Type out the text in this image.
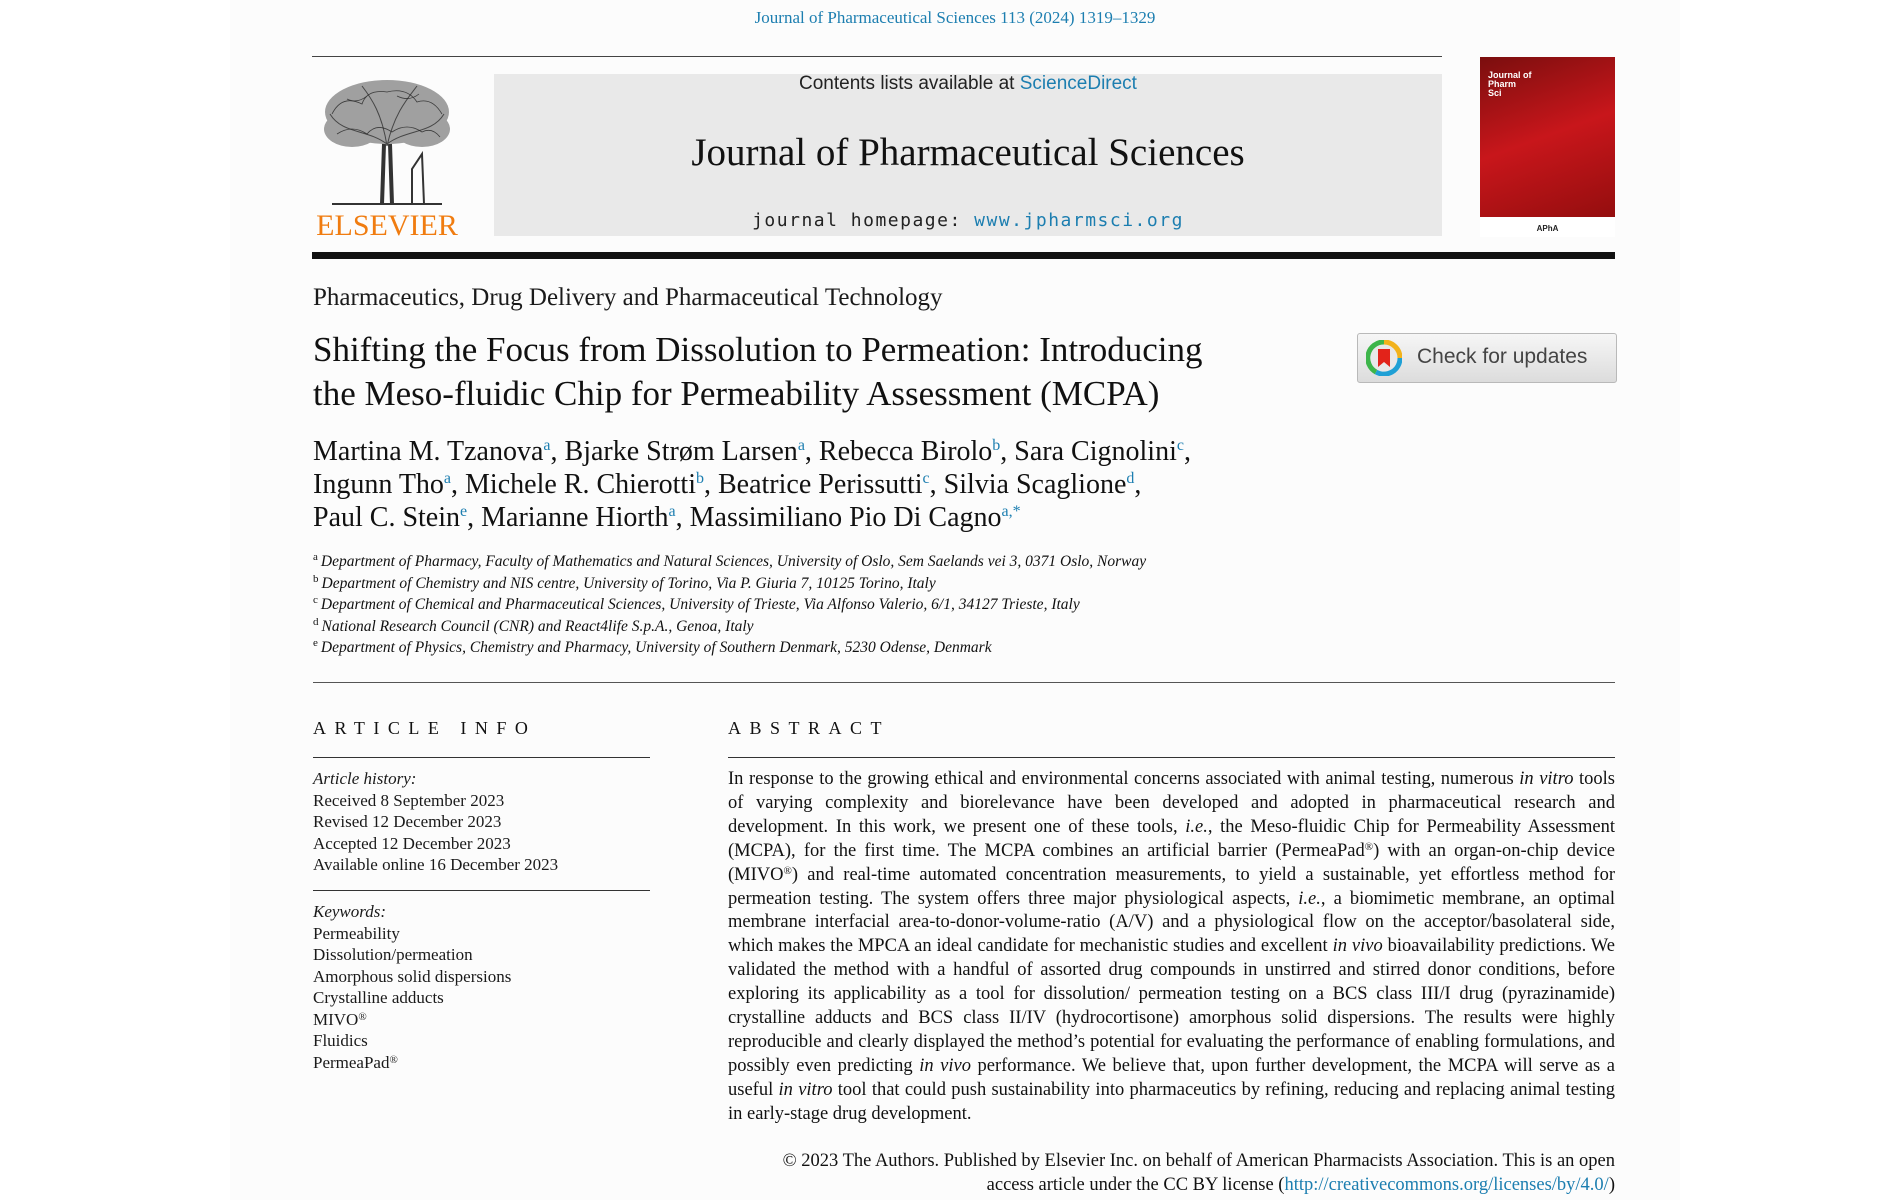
Journal of Pharmaceutical Sciences 113 (2024) 1319–1329
ELSEVIER
Contents lists available at ScienceDirect
Journal of Pharmaceutical Sciences
journal homepage: www.jpharmsci.org
Journal of
Pharm
Sci
APhA
Pharmaceutics, Drug Delivery and Pharmaceutical Technology
Shifting the Focus from Dissolution to Permeation: Introducing
the Meso-fluidic Chip for Permeability Assessment (MCPA)
Check for updates
Martina M. Tzanova$^a$, Bjarke Strøm Larsen$^a$, Rebecca Birolo$^b$, Sara Cignolini$^c$,
Ingunn Tho$^a$, Michele R. Chierotti$^b$, Beatrice Perissutti$^c$, Silvia Scaglione$^d$,
Paul C. Stein$^e$, Marianne Hiorth$^a$, Massimiliano Pio Di Cagno$^{a,*}$
$^a$ Department of Pharmacy, Faculty of Mathematics and Natural Sciences, University of Oslo, Sem Saelands vei 3, 0371 Oslo, Norway
$^b$ Department of Chemistry and NIS centre, University of Torino, Via P. Giuria 7, 10125 Torino, Italy
$^c$ Department of Chemical and Pharmaceutical Sciences, University of Trieste, Via Alfonso Valerio, 6/1, 34127 Trieste, Italy
$^d$ National Research Council (CNR) and React4life S.p.A., Genoa, Italy
$^e$ Department of Physics, Chemistry and Pharmacy, University of Southern Denmark, 5230 Odense, Denmark
ARTICLE INFO
Article history:
Received 8 September 2023
Revised 12 December 2023
Accepted 12 December 2023
Available online 16 December 2023
Keywords:
Permeability
Dissolution/permeation
Amorphous solid dispersions
Crystalline adducts
MIVO®
Fluidics
PermeaPad®
ABSTRACT
In response to the growing ethical and environmental concerns associated with animal testing, numerous in vitro tools of varying complexity and biorelevance have been developed and adopted in pharmaceutical research and development. In this work, we present one of these tools, i.e., the Meso-fluidic Chip for Permeability Assessment (MCPA), for the first time. The MCPA combines an artificial barrier (PermeaPad®) with an organ-on-chip device (MIVO®) and real-time automated concentration measurements, to yield a sustainable, yet effortless method for permeation testing. The system offers three major physiological aspects, i.e., a biomimetic membrane, an optimal membrane interfacial area-to-donor-volume-ratio (A/V) and a physiological flow on the acceptor/basolateral side, which makes the MPCA an ideal candidate for mechanistic studies and excellent in vivo bioavailability predictions. We validated the method with a handful of assorted drug compounds in unstirred and stirred donor conditions, before exploring its applicability as a tool for dissolution/ permeation testing on a BCS class III/I drug (pyrazinamide) crystalline adducts and BCS class II/IV (hydrocortisone) amorphous solid dispersions. The results were highly reproducible and clearly displayed the method’s potential for evaluating the performance of enabling formulations, and possibly even predicting in vivo performance. We believe that, upon further development, the MCPA will serve as a useful in vitro tool that could push sustainability into pharmaceutics by refining, reducing and replacing animal testing in early-stage drug development.
© 2023 The Authors. Published by Elsevier Inc. on behalf of American Pharmacists Association. This is an open
access article under the CC BY license (http://creativecommons.org/licenses/by/4.0/)
